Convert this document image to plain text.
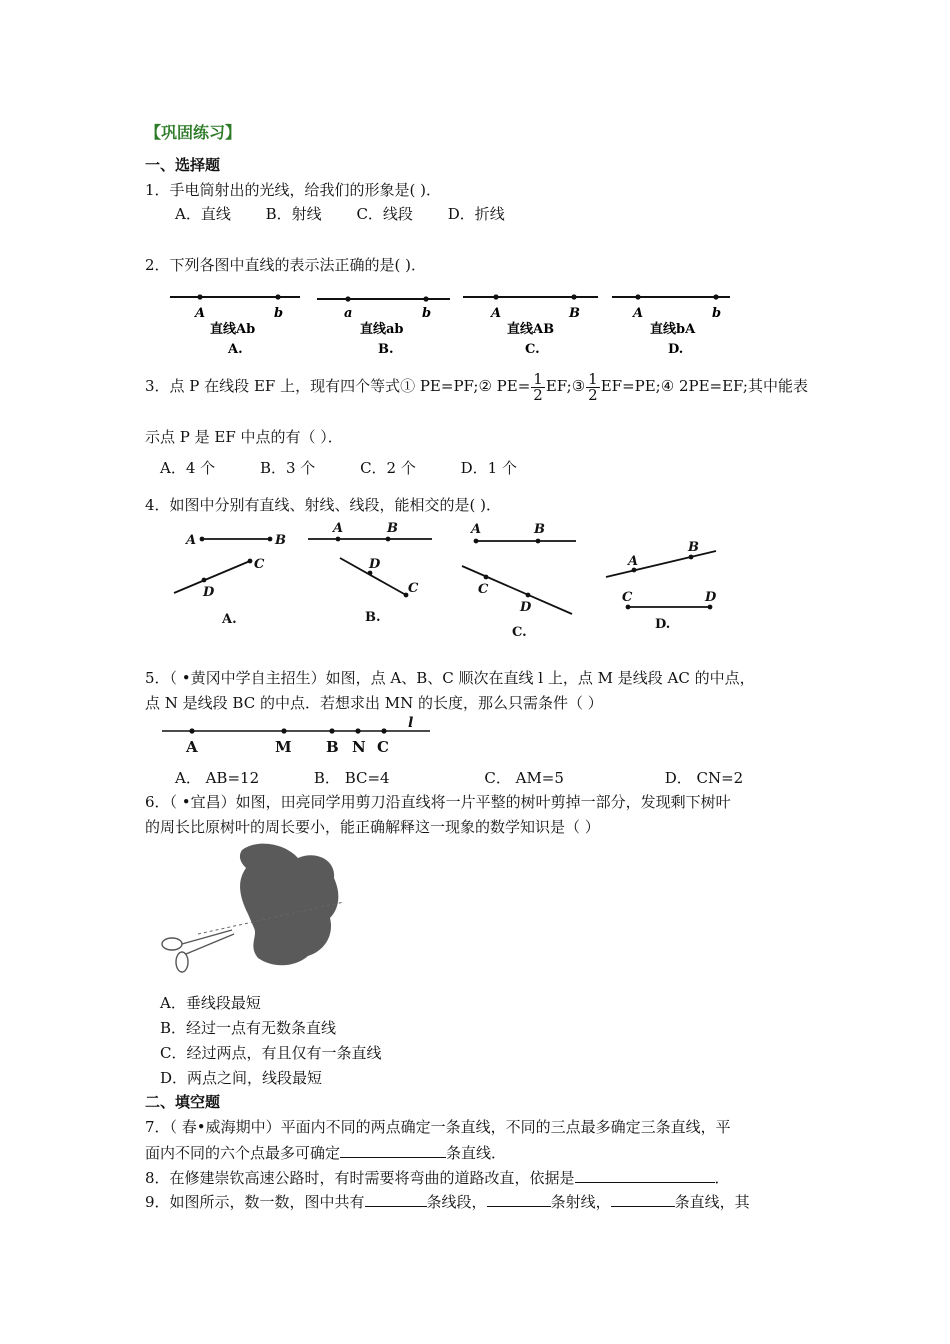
【巩固练习】
一、选择题
1．手电筒射出的光线，给我们的形象是( )．
A．直线 B．射线 C．线段 D．折线
2．下列各图中直线的表示法正确的是( )．
A	b
直线Ab
A.
a	b
直线ab
B.
A	B
直线AB
C.
A	b
直线bA
D.
3．点 P 在线段 EF 上，现有四个等式① PE=PF;② $PE= \frac{1}{2}$ EF;③ $\frac{1}{2}$ EF=PE;④ 2PE=EF;其中能表
示点 P 是 EF 中点的有（ ）．
A．4 个	B．3 个	C．2 个	D．1 个
4．如图中分别有直线、射线、线段，能相交的是( )．
A	B
C
D
A.
A	B
D
C
B.
A	B
C
D
C.
A
B
C	D
D.
5．（ •黄冈中学自主招生）如图，点 A、B、C 顺次在直线 l 上，点 M 是线段 AC 的中点，
点 N 是线段 BC 的中点．若想求出 MN 的长度，那么只需条件（ ）
A	M B N C
l
A． AB=12	B． BC=4	C． AM=5	D． CN=2
6．（ •宜昌）如图，田亮同学用剪刀沿直线将一片平整的树叶剪掉一部分，发现剩下树叶
的周长比原树叶的周长要小，能正确解释这一现象的数学知识是（ ）
A．垂线段最短
B．经过一点有无数条直线
C．经过两点，有且仅有一条直线
D．两点之间，线段最短
二、填空题
7．（ 春•威海期中）平面内不同的两点确定一条直线，不同的三点最多确定三条直线，平
面内不同的六个点最多可确定	条直线．
8．在修建崇钦高速公路时，有时需要将弯曲的道路改直，依据是	．
9．如图所示，数一数，图中共有	条线段，	条射线，	条直线，其
